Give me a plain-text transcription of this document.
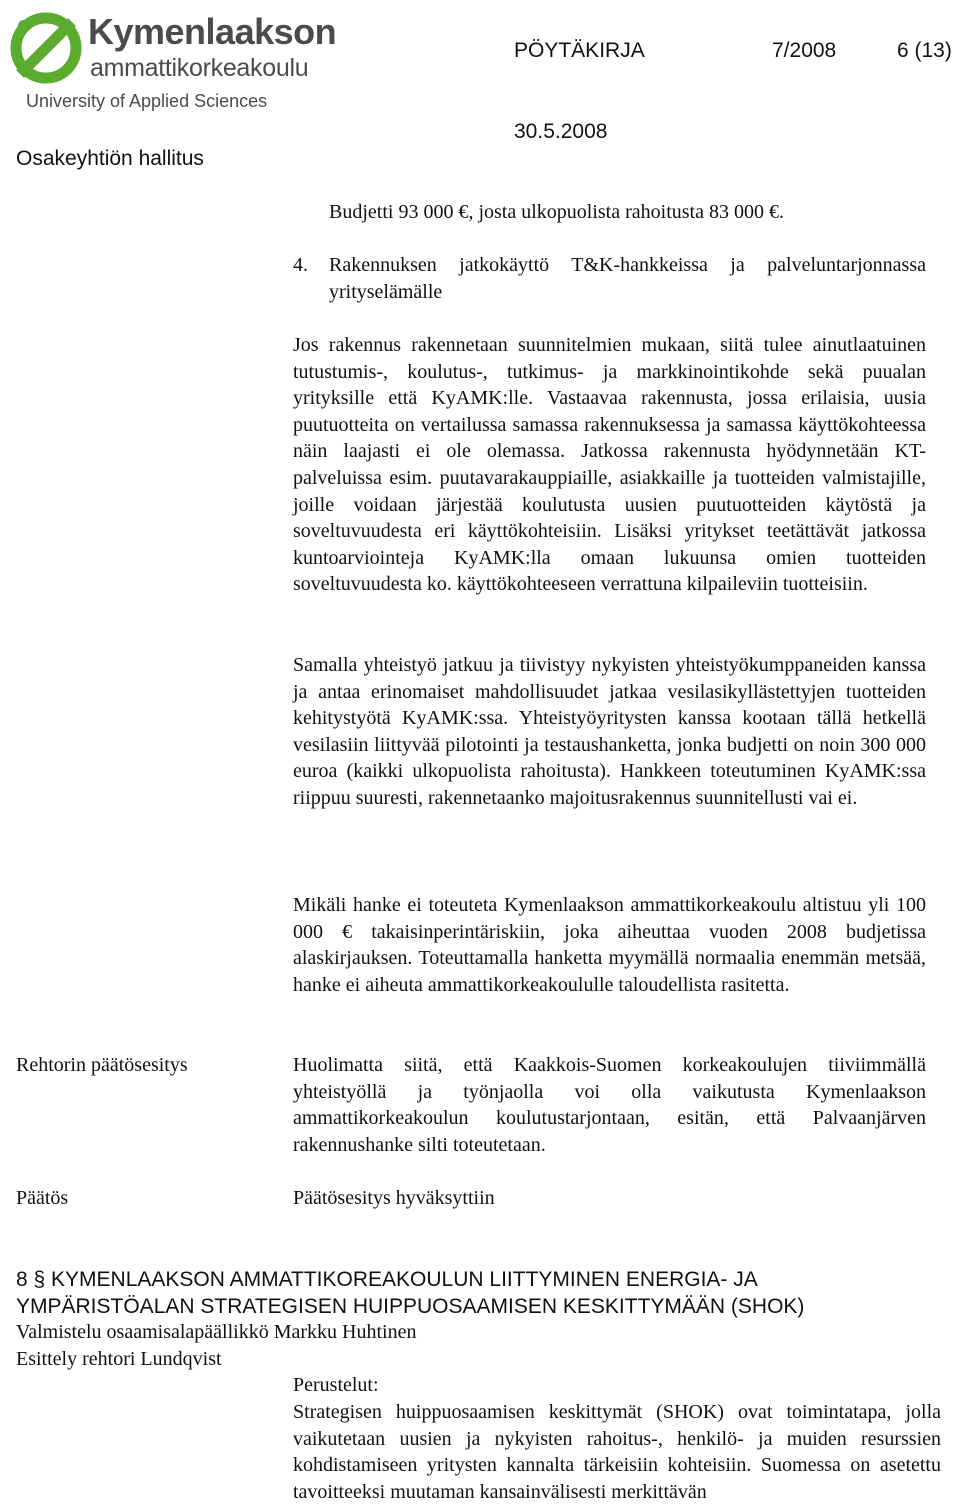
Kymenlaakson
ammattikorkeakoulu
University of Applied Sciences
PÖYTÄKIRJA	7/2008	6 (13)
30.5.2008
Osakeyhtiön hallitus
Budjetti 93 000 €, josta ulkopuolista rahoitusta 83 000 €.
4.	Rakennuksen jatkokäyttö T&K-hankkeissa ja palveluntarjonnassa yrityselämälle
Jos rakennus rakennetaan suunnitelmien mukaan, siitä tulee ainutlaatuinen tutustumis-, koulutus-, tutkimus- ja markkinointikohde sekä puualan yrityksille että KyAMK:lle. Vastaavaa rakennusta, jossa erilaisia, uusia puutuotteita on vertailussa samassa rakennuksessa ja samassa käyttökohteessa näin laajasti ei ole olemassa. Jatkossa rakennusta hyödynnetään KT-palveluissa esim. puutavarakauppiaille, asiakkaille ja tuotteiden valmistajille, joille voidaan järjestää koulutusta uusien puutuotteiden käytöstä ja soveltuvuudesta eri käyttökohteisiin. Lisäksi yritykset teetättävät jatkossa kuntoarviointeja KyAMK:lla omaan lukuunsa omien tuotteiden soveltuvuudesta ko. käyttökohteeseen verrattuna kilpaileviin tuotteisiin.
Samalla yhteistyö jatkuu ja tiivistyy nykyisten yhteistyökumppaneiden kanssa ja antaa erinomaiset mahdollisuudet jatkaa vesilasikyllästettyjen tuotteiden kehitystyötä KyAMK:ssa. Yhteistyöyritysten kanssa kootaan tällä hetkellä vesilasiin liittyvää pilotointi ja testaushanketta, jonka budjetti on noin 300 000 euroa (kaikki ulkopuolista rahoitusta). Hankkeen toteutuminen KyAMK:ssa riippuu suuresti, rakennetaanko majoitusrakennus suunnitellusti vai ei.
Mikäli hanke ei toteuteta Kymenlaakson ammattikorkeakoulu altistuu yli 100 000 € takaisinperintäriskiin, joka aiheuttaa vuoden 2008 budjetissa alaskirjauksen. Toteuttamalla hanketta myymällä normaalia enemmän metsää, hanke ei aiheuta ammattikorkeakoululle taloudellista rasitetta.
Rehtorin päätösesitys	Huolimatta siitä, että Kaakkois-Suomen korkeakoulujen tiiviimmällä yhteistyöllä ja työnjaolla voi olla vaikutusta Kymenlaakson ammattikorkeakoulun koulutustarjontaan, esitän, että Palvaanjärven rakennushanke silti toteutetaan.
Päätös	Päätösesitys hyväksyttiin
8 § KYMENLAAKSON AMMATTIKOREAKOULUN LIITTYMINEN ENERGIA- JA YMPÄRISTÖALAN STRATEGISEN HUIPPUOSAAMISEN KESKITTYMÄÄN (SHOK)
Valmistelu osaamisalapäällikkö Markku Huhtinen
Esittely rehtori Lundqvist
Perustelut:
Strategisen huippuosaamisen keskittymät (SHOK) ovat toimintatapa, jolla vaikutetaan uusien ja nykyisten rahoitus-, henkilö- ja muiden resurssien kohdistamiseen yritysten kannalta tärkeisiin kohteisiin. Suomessa on asetettu tavoitteeksi muutaman kansainvälisesti merkittävän
